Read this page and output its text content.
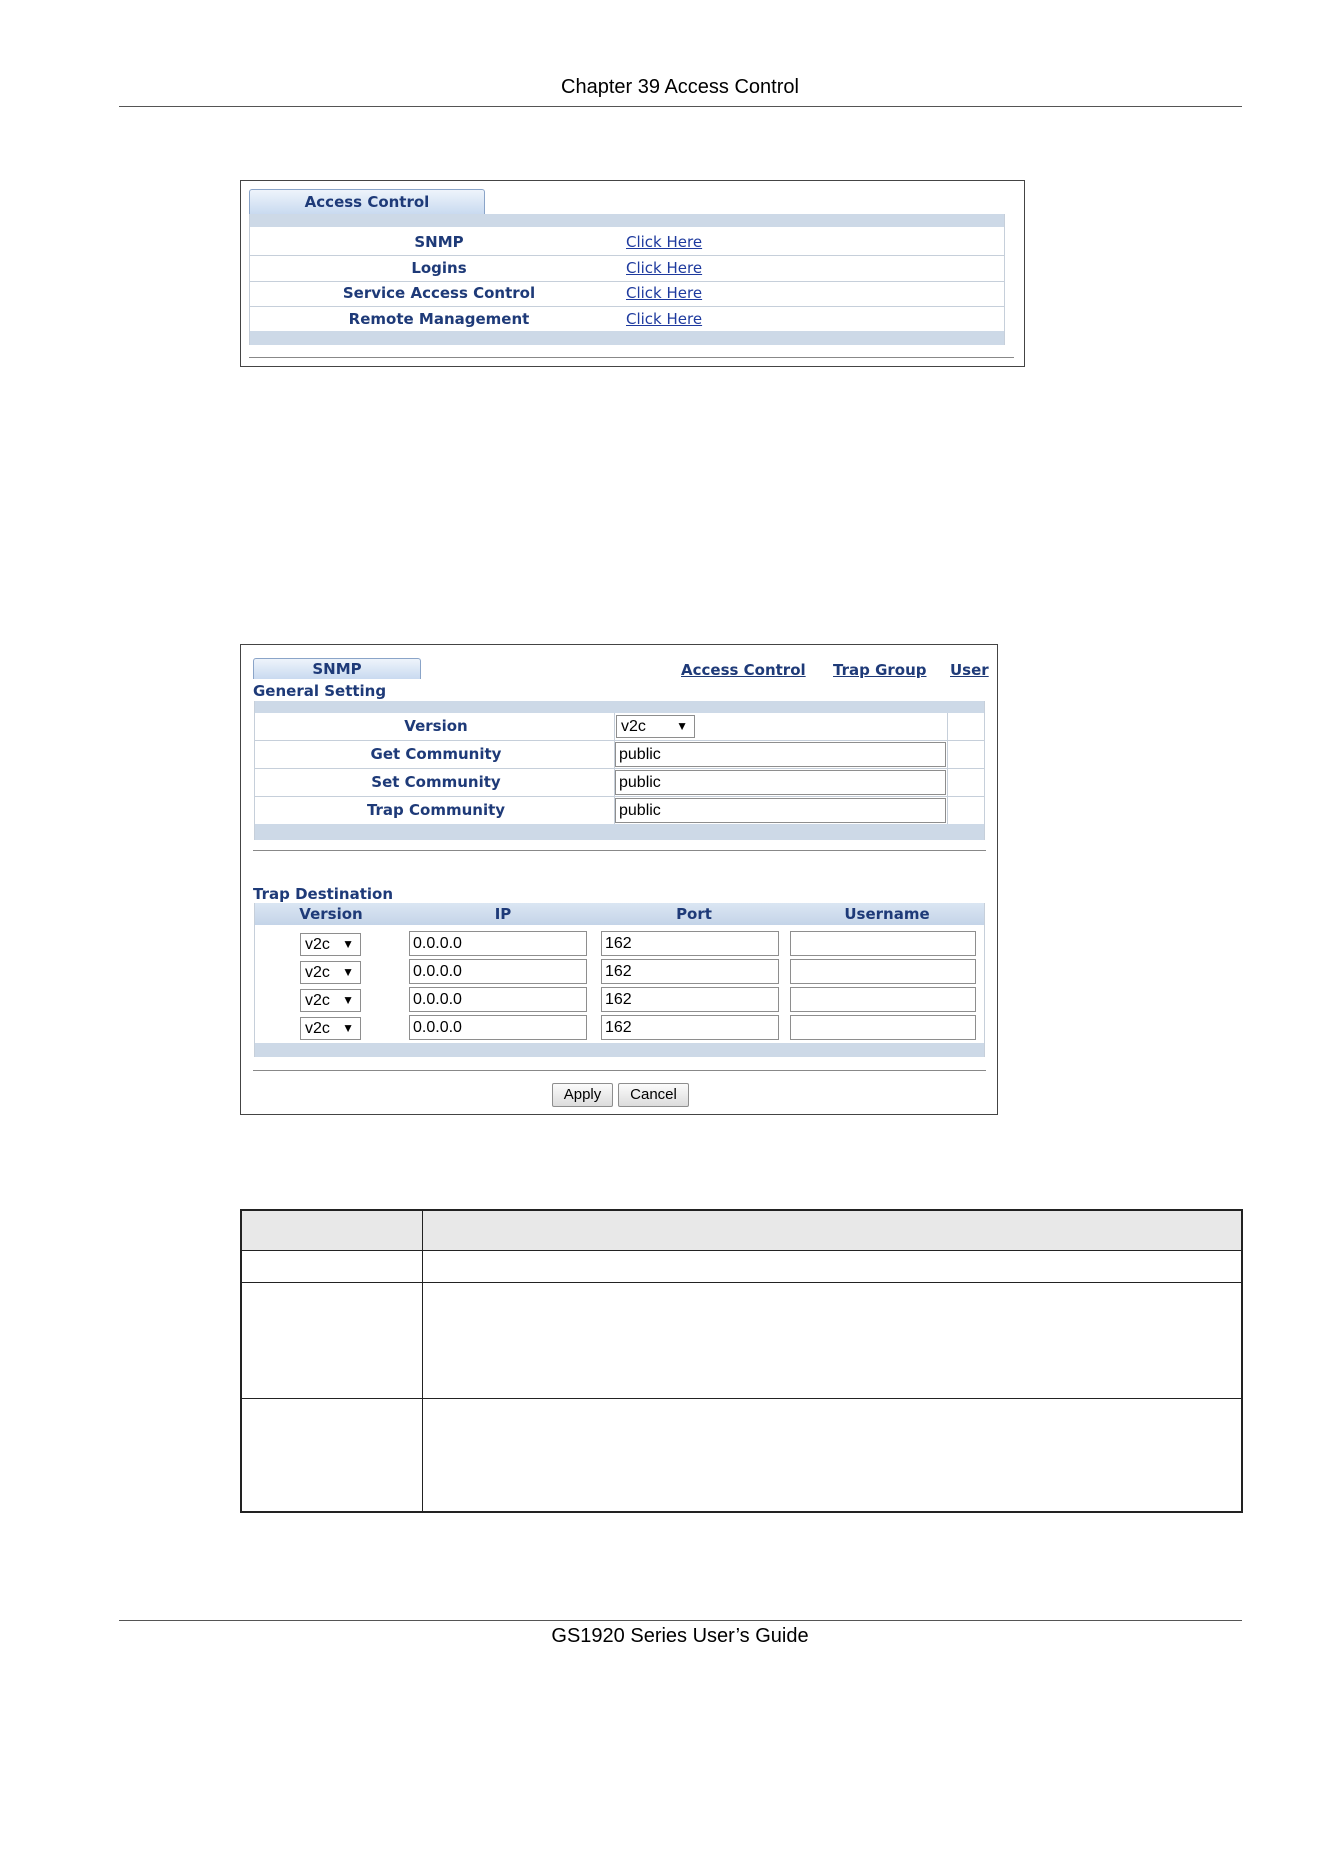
Chapter 39 Access Control
Access Control
SNMP	Click Here
Logins	Click Here
Service Access Control	Click Here
Remote Management	Click Here
SNMP	Access Control Trap Group User
General Setting
Version	v2c	▼
Get Community	public
Set Community	public
Trap Community	public
Trap Destination
Version	IP	Port	Username
v2c ▼	0.0.0.0	162
v2c ▼	0.0.0.0	162
v2c ▼	0.0.0.0	162
v2c ▼	0.0.0.0	162
Apply	Cancel
GS1920 Series User’s Guide
